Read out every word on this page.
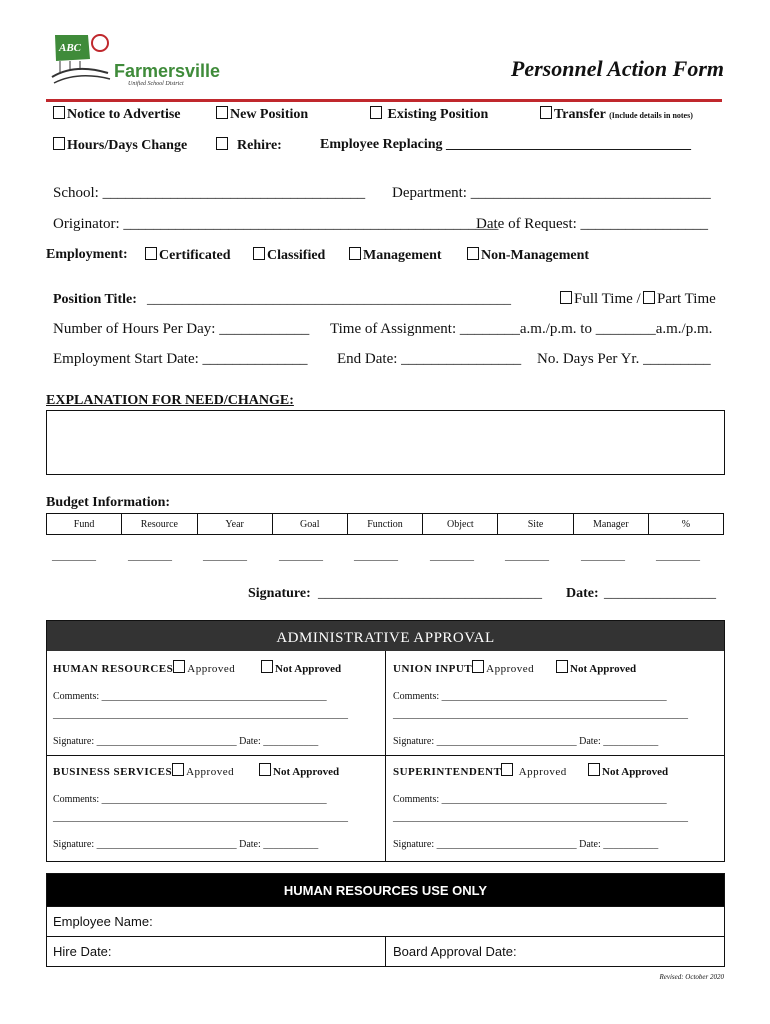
ABC
Farmersville
Unified School District
Personnel Action Form
Notice to Advertise	New Position	Existing Position	Transfer (Include details in notes)
Hours/Days Change	Rehire:	Employee Replacing ___________________________________
School: ___________________________________ Department: ________________________________
Originator: __________________________________________________
Date of Request: _________________
Employment:	Certificated	Classified	Management	Non-Management
Position Title: ____________________________________________________	Full Time /	Part Time
Number of Hours Per Day: ____________ Time of Assignment: ________a.m./p.m. to ________a.m./p.m.
Employment Start Date: ______________ End Date: ________________ No. Days Per Yr. _________
EXPLANATION FOR NEED/CHANGE:
Budget Information:
Fund	Resource	Year	Goal	Function	Object	Site	Manager	%
________	________	________	________	________	________	________	________	________
Signature: ________________________________ Date: ________________
ADMINISTRATIVE APPROVAL
HUMAN RESOURCES Approved	Not Approved
Comments: _____________________________________________
___________________________________________________________
Signature: ____________________________ Date: ___________
UNION INPUT Approved	Not Approved
Comments: _____________________________________________
___________________________________________________________
Signature: ____________________________ Date: ___________
BUSINESS SERVICES Approved	Not Approved
Comments: _____________________________________________
___________________________________________________________
Signature: ____________________________ Date: ___________
SUPERINTENDENT Approved	Not Approved
Comments: _____________________________________________
___________________________________________________________
Signature: ____________________________ Date: ___________
HUMAN RESOURCES USE ONLY
Employee Name:
Hire Date:	Board Approval Date:
Revised: October 2020
